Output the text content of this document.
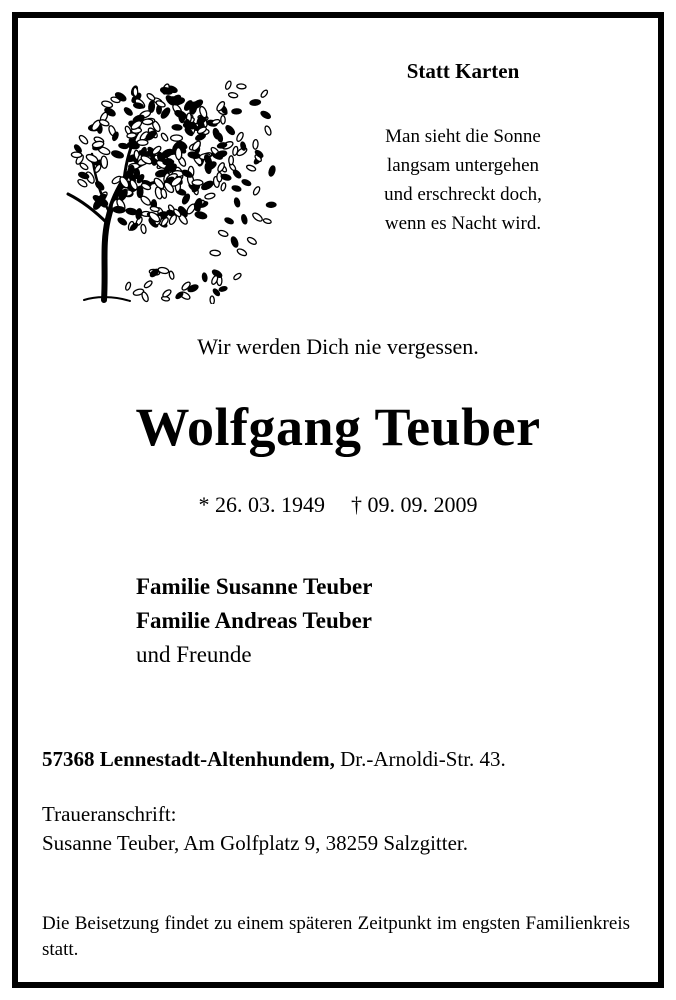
Statt Karten
Man sieht die Sonne
langsam untergehen
und erschreckt doch,
wenn es Nacht wird.
Wir werden Dich nie vergessen.
Wolfgang Teuber
* 26. 03. 1949 † 09. 09. 2009
Familie Susanne Teuber
Familie Andreas Teuber
und Freunde
57368 Lennestadt-Altenhundem, Dr.-Arnoldi-Str. 43.
Traueranschrift:
Susanne Teuber, Am Golfplatz 9, 38259 Salzgitter.
Die Beisetzung findet zu einem späteren Zeitpunkt im engsten Familienkreis statt.
